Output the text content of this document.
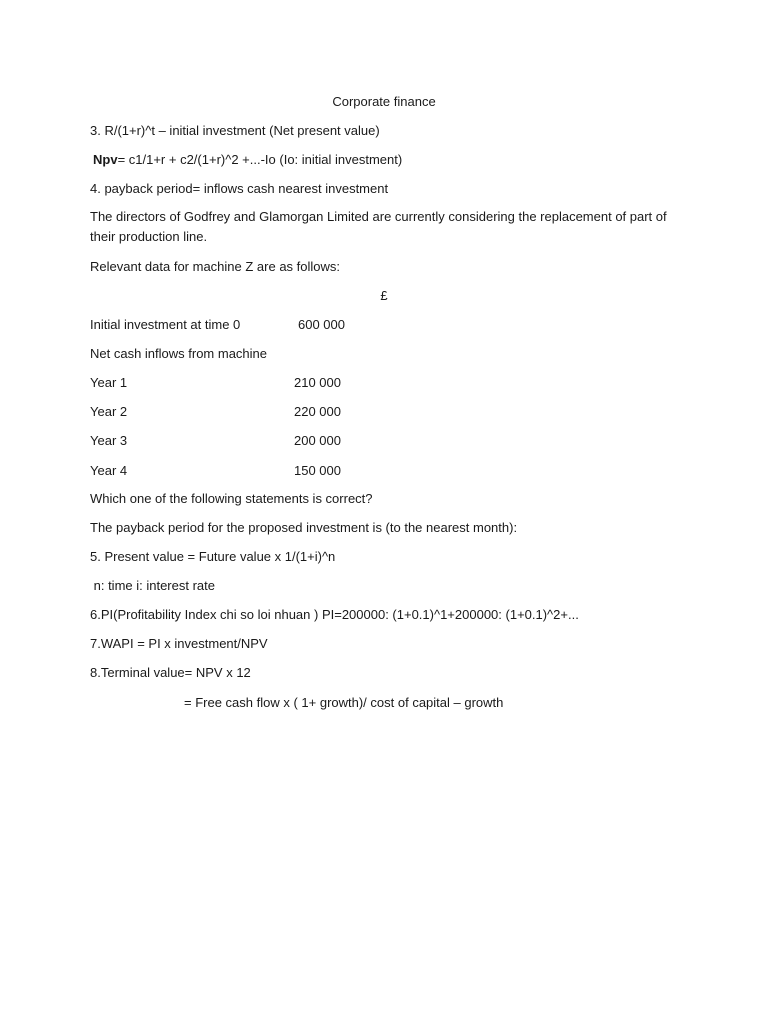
Corporate finance
3. R/(1+r)^t – initial investment (Net present value)
Npv= c1/1+r + c2/(1+r)^2 +...-Io (Io: initial investment)
4. payback period= inflows cash nearest investment
The directors of Godfrey and Glamorgan Limited are currently considering the replacement of part of their production line.
Relevant data for machine Z are as follows:
£
Initial investment at time 0	600 000
Net cash inflows from machine
Year 1	210 000
Year 2	220 000
Year 3	200 000
Year 4	150 000
Which one of the following statements is correct?
The payback period for the proposed investment is (to the nearest month):
5. Present value = Future value x 1/(1+i)^n
n: time i: interest rate
6.PI(Profitability Index chi so loi nhuan ) PI=200000: (1+0.1)^1+200000: (1+0.1)^2+...
7.WAPI = PI x investment/NPV
8.Terminal value= NPV x 12
= Free cash flow x ( 1+ growth)/ cost of capital – growth
